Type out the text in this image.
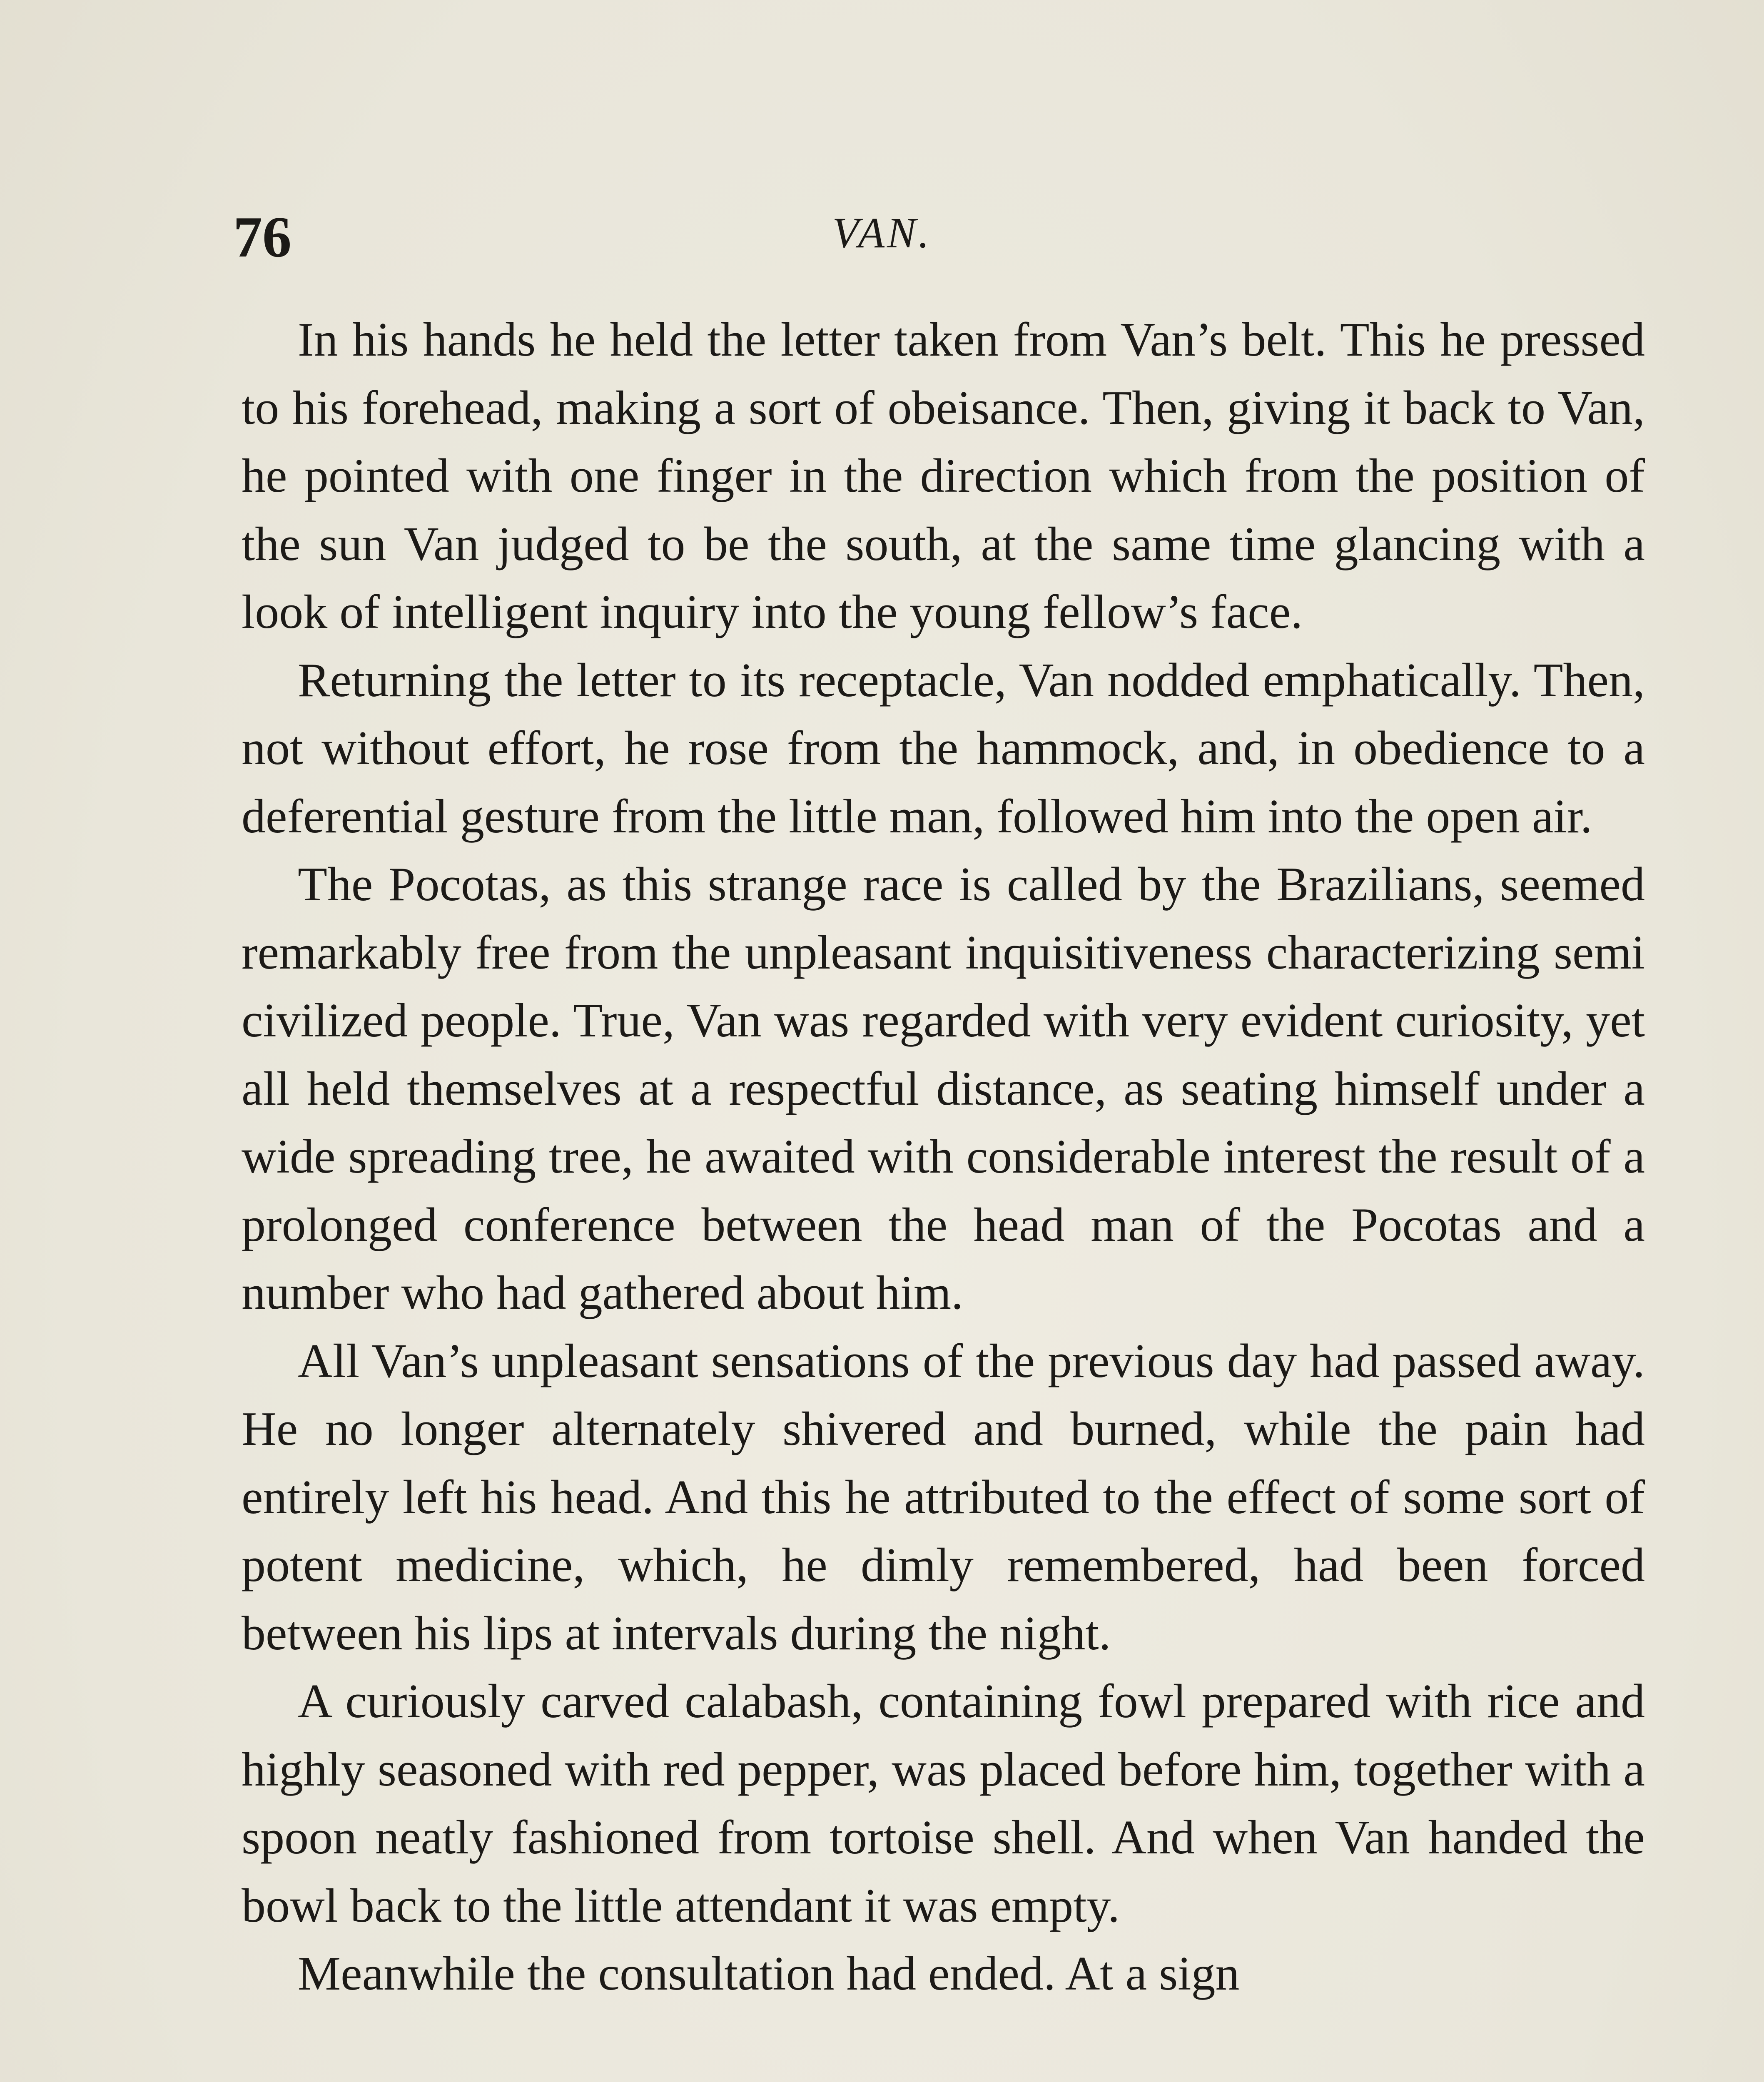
76	VAN.

In his hands he held the letter taken from Van’s belt. This he pressed to his forehead, making a sort of obeisance. Then, giving it back to Van, he pointed with one finger in the direction which from the position of the sun Van judged to be the south, at the same time glancing with a look of intelligent inquiry into the young fellow’s face.

Returning the letter to its receptacle, Van nodded emphatically. Then, not without effort, he rose from the hammock, and, in obedience to a deferential gesture from the little man, followed him into the open air.

The Pocotas, as this strange race is called by the Brazilians, seemed remarkably free from the unpleasant inquisitiveness characterizing semi civilized people. True, Van was regarded with very evident curiosity, yet all held themselves at a respectful distance, as seating himself under a wide spreading tree, he awaited with considerable interest the result of a prolonged conference between the head man of the Pocotas and a number who had gathered about him.

All Van’s unpleasant sensations of the previous day had passed away. He no longer alternately shivered and burned, while the pain had entirely left his head. And this he attributed to the effect of some sort of potent medicine, which, he dimly remembered, had been forced between his lips at intervals during the night.

A curiously carved calabash, containing fowl prepared with rice and highly seasoned with red pepper, was placed before him, together with a spoon neatly fashioned from tortoise shell. And when Van handed the bowl back to the little attendant it was empty.

Meanwhile the consultation had ended. At a sign
